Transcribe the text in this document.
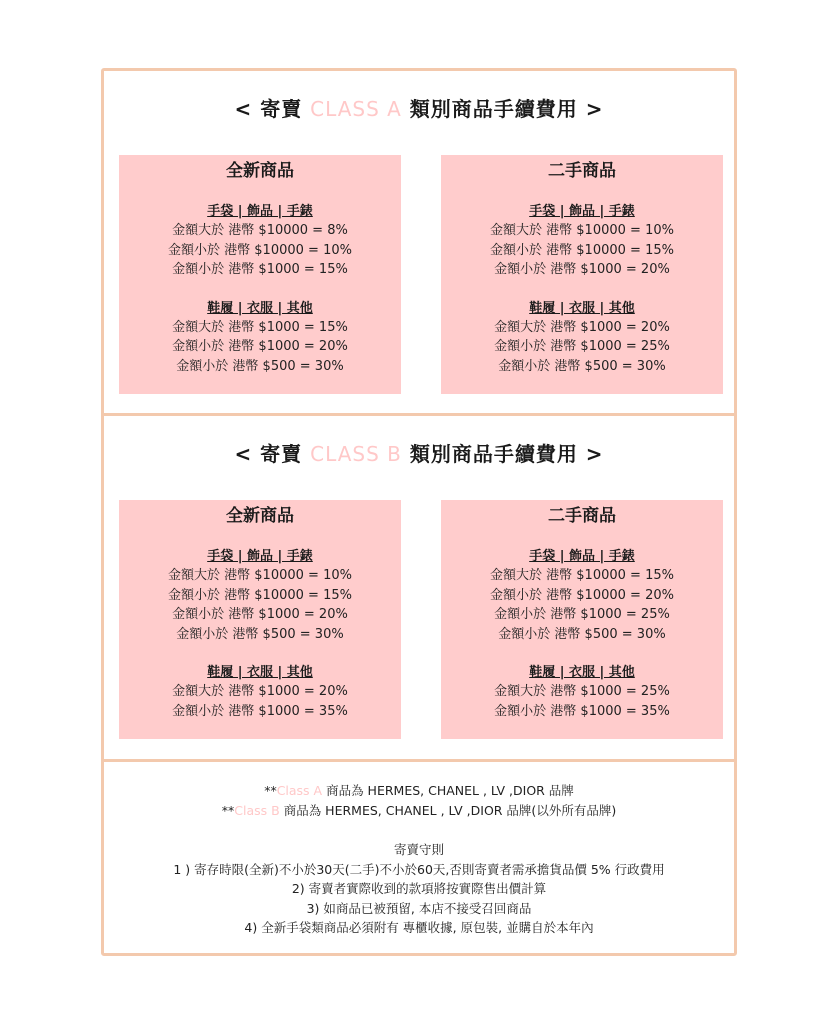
< 寄賣 CLASS A 類別商品手續費用 >
全新商品
手袋 | 飾品 | 手錶
金額大於 港幣 $10000 = 8%
金額小於 港幣 $10000 = 10%
金額小於 港幣 $1000 = 15%
鞋履 | 衣服 | 其他
金額大於 港幣 $1000 = 15%
金額小於 港幣 $1000 = 20%
金額小於 港幣 $500 = 30%
二手商品
手袋 | 飾品 | 手錶
金額大於 港幣 $10000 = 10%
金額小於 港幣 $10000 = 15%
金額小於 港幣 $1000 = 20%
鞋履 | 衣服 | 其他
金額大於 港幣 $1000 = 20%
金額小於 港幣 $1000 = 25%
金額小於 港幣 $500 = 30%
< 寄賣 CLASS B 類別商品手續費用 >
全新商品
手袋 | 飾品 | 手錶
金額大於 港幣 $10000 = 10%
金額小於 港幣 $10000 = 15%
金額小於 港幣 $1000 = 20%
金額小於 港幣 $500 = 30%
鞋履 | 衣服 | 其他
金額大於 港幣 $1000 = 20%
金額小於 港幣 $1000 = 35%
二手商品
手袋 | 飾品 | 手錶
金額大於 港幣 $10000 = 15%
金額小於 港幣 $10000 = 20%
金額小於 港幣 $1000 = 25%
金額小於 港幣 $500 = 30%
鞋履 | 衣服 | 其他
金額大於 港幣 $1000 = 25%
金額小於 港幣 $1000 = 35%
**Class A 商品為 HERMES, CHANEL , LV ,DIOR 品牌
**Class B 商品為 HERMES, CHANEL , LV ,DIOR 品牌(以外所有品牌)
寄賣守則
1 ) 寄存時限(全新)不小於30天(二手)不小於60天,否則寄賣者需承擔貨品價 5% 行政費用
2) 寄賣者實際收到的款項將按實際售出價計算
3) 如商品已被預留, 本店不接受召回商品
4) 全新手袋類商品必須附有 專櫃收據, 原包裝, 並購自於本年內
